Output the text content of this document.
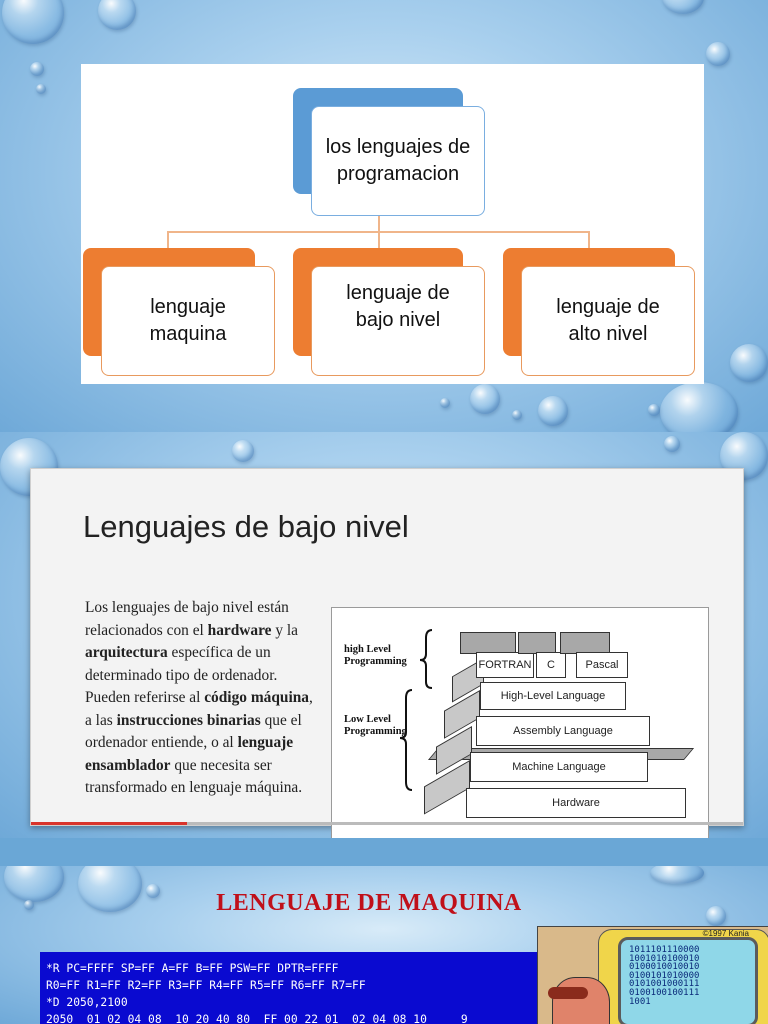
los lenguajes de programacion
lenguaje maquina
lenguaje de bajo nivel
lenguaje de alto nivel
Lenguajes de bajo nivel
Los lenguajes de bajo nivel están relacionados con el hardware y la arquitectura específica de un determinado tipo de ordenador. Pueden referirse al código máquina, a las instrucciones binarias que el ordenador entiende, o al lenguaje ensamblador que necesita ser transformado en lenguaje máquina.
high Level Programming
Low Level Programming
Hardware
Machine Language
Assembly Language
High-Level Language
FORTRAN	C	Pascal
LENGUAJE DE MAQUINA
*R PC=FFFF SP=FF A=FF B=FF PSW=FF DPTR=FFFF
R0=FF R1=FF R2=FF R3=FF R4=FF R5=FF R6=FF R7=FF
*D 2050,2100
2050  01 02 04 08  10 20 40 80  FF 00 22 01  02 04 08 10     9
1011101110000
1001010100010
0100010010010
0100101010000
0101001000111
0100100100111
1001
©1997 Kania
